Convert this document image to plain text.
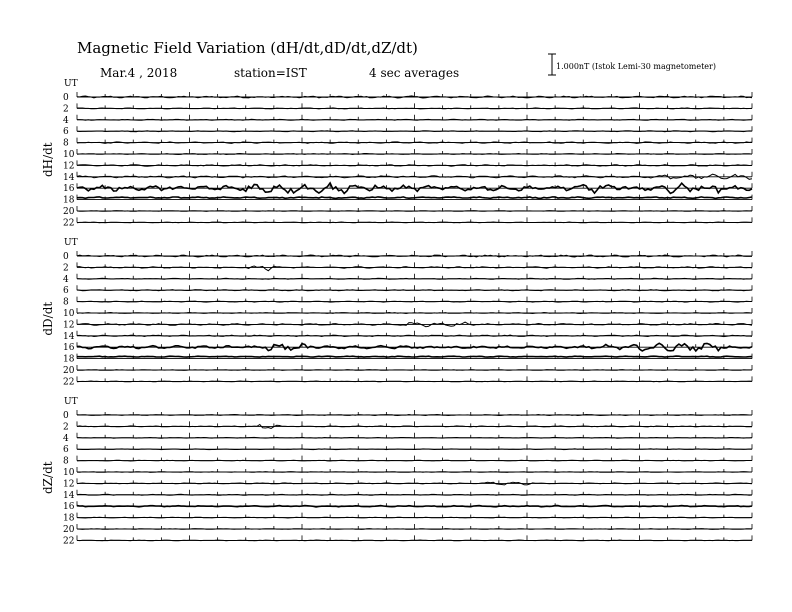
Magnetic Field Variation (dH/dt,dD/dt,dZ/dt)
Mar.4 , 2018	station=IST	4 sec averages	1.000nT (Istok Lemi-30 magnetometer)
UT
dH/dt
0
2
4
6
8
10
12
14
16
18
20
22
UT
dD/dt
0
2
4
6
8
10
12
14
16
18
20
22
UT
dZ/dt
0
2
4
6
8
10
12
14
16
18
20
22
